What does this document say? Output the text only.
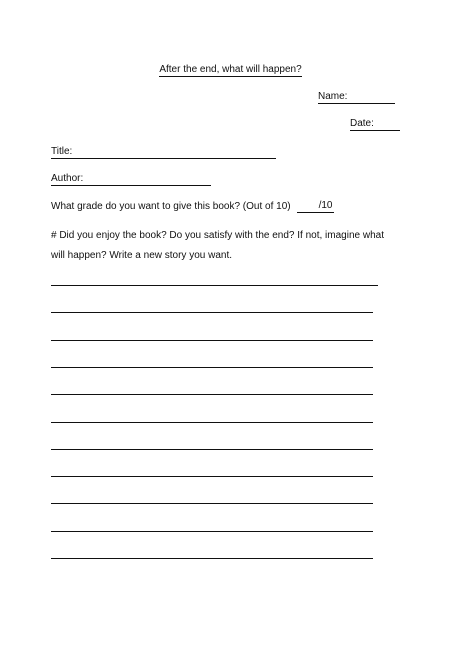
After the end, what will happen?
Name:
Date:
Title:
Author:
What grade do you want to give this book? (Out of 10)	/10
# Did you enjoy the book? Do you satisfy with the end? If not, imagine what will happen? Write a new story you want.
